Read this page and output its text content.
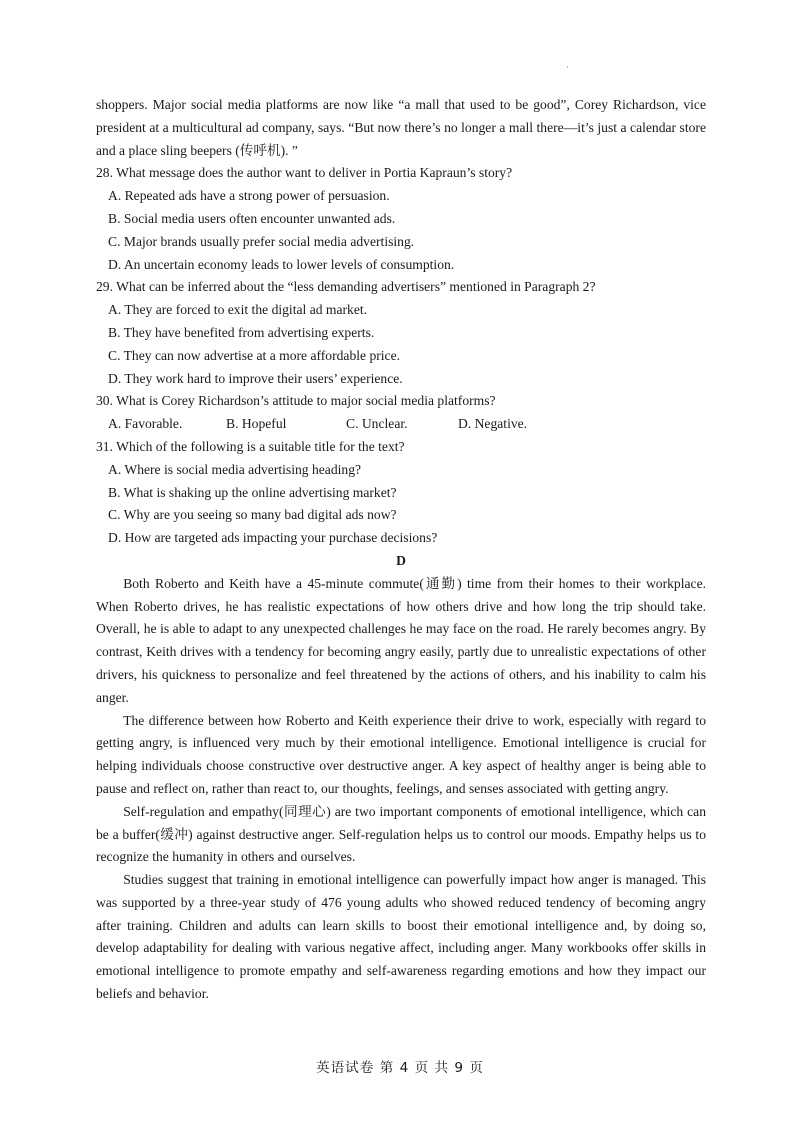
·

shoppers. Major social media platforms are now like “a mall that used to be good”, Corey Richardson, vice president at a multicultural ad company, says. “But now there’s no longer a mall there—it’s just a calendar store and a place sling beepers (传呼机). ”

28. What message does the author want to deliver in Portia Kapraun’s story?

A. Repeated ads have a strong power of persuasion.

B. Social media users often encounter unwanted ads.

C. Major brands usually prefer social media advertising.

D. An uncertain economy leads to lower levels of consumption.

29. What can be inferred about the “less demanding advertisers” mentioned in Paragraph 2?

A. They are forced to exit the digital ad market.

B. They have benefited from advertising experts.

C. They can now advertise at a more affordable price.

D. They work hard to improve their users’ experience.

30. What is Corey Richardson’s attitude to major social media platforms?

A. Favorable.	B. Hopeful	C. Unclear.	D. Negative.

31. Which of the following is a suitable title for the text?

A. Where is social media advertising heading?

B. What is shaking up the online advertising market?

C. Why are you seeing so many bad digital ads now?

D. How are targeted ads impacting your purchase decisions?

D

Both Roberto and Keith have a 45-minute commute(通勤) time from their homes to their workplace. When Roberto drives, he has realistic expectations of how others drive and how long the trip should take. Overall, he is able to adapt to any unexpected challenges he may face on the road. He rarely becomes angry. By contrast, Keith drives with a tendency for becoming angry easily, partly due to unrealistic expectations of other drivers, his quickness to personalize and feel threatened by the actions of others, and his inability to calm his anger.

The difference between how Roberto and Keith experience their drive to work, especially with regard to getting angry, is influenced very much by their emotional intelligence. Emotional intelligence is crucial for helping individuals choose constructive over destructive anger. A key aspect of healthy anger is being able to pause and reflect on, rather than react to, our thoughts, feelings, and senses associated with getting angry.

Self-regulation and empathy(同理心) are two important components of emotional intelligence, which can be a buffer(缓冲) against destructive anger. Self-regulation helps us to control our moods. Empathy helps us to recognize the humanity in others and ourselves.

Studies suggest that training in emotional intelligence can powerfully impact how anger is managed. This was supported by a three-year study of 476 young adults who showed reduced tendency of becoming angry after training. Children and adults can learn skills to boost their emotional intelligence and, by doing so, develop adaptability for dealing with various negative affect, including anger. Many workbooks offer skills in emotional intelligence to promote empathy and self-awareness regarding emotions and how they impact our beliefs and behavior.

英语试卷 第 4 页 共 9 页
